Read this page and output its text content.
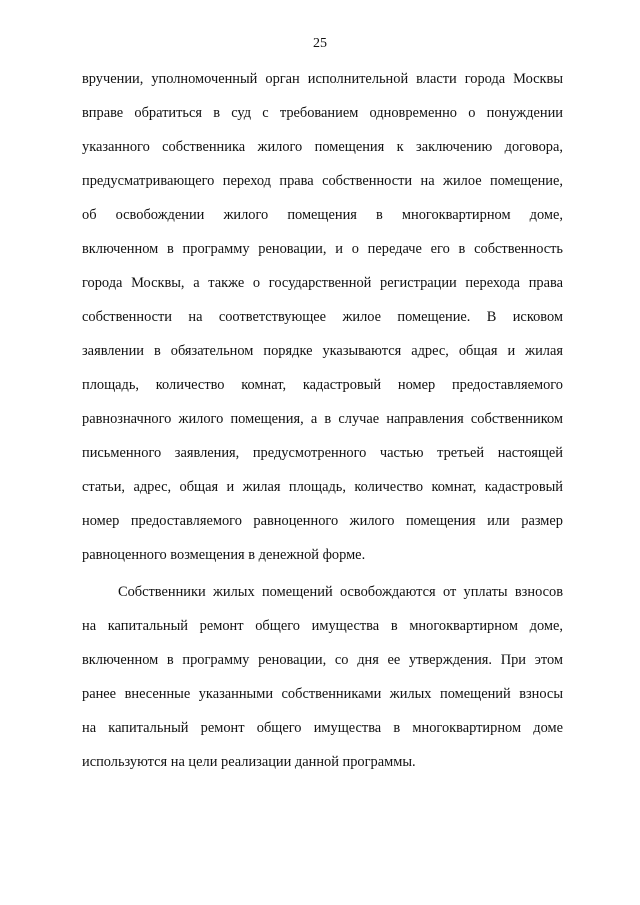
25
вручении, уполномоченный орган исполнительной власти города Москвы
вправе обратиться в суд с требованием одновременно о понуждении
указанного собственника жилого помещения к заключению договора,
предусматривающего переход права собственности на жилое помещение,
об освобождении жилого помещения в многоквартирном доме,
включенном в программу реновации, и о передаче его в собственность
города Москвы, а также о государственной регистрации перехода права
собственности на соответствующее жилое помещение. В исковом
заявлении в обязательном порядке указываются адрес, общая и жилая
площадь, количество комнат, кадастровый номер предоставляемого
равнозначного жилого помещения, а в случае направления собственником
письменного заявления, предусмотренного частью третьей настоящей
статьи, адрес, общая и жилая площадь, количество комнат, кадастровый
номер предоставляемого равноценного жилого помещения или размер
равноценного возмещения в денежной форме.
Собственники жилых помещений освобождаются от уплаты взносов
на капитальный ремонт общего имущества в многоквартирном доме,
включенном в программу реновации, со дня ее утверждения. При этом
ранее внесенные указанными собственниками жилых помещений взносы
на капитальный ремонт общего имущества в многоквартирном доме
используются на цели реализации данной программы.
